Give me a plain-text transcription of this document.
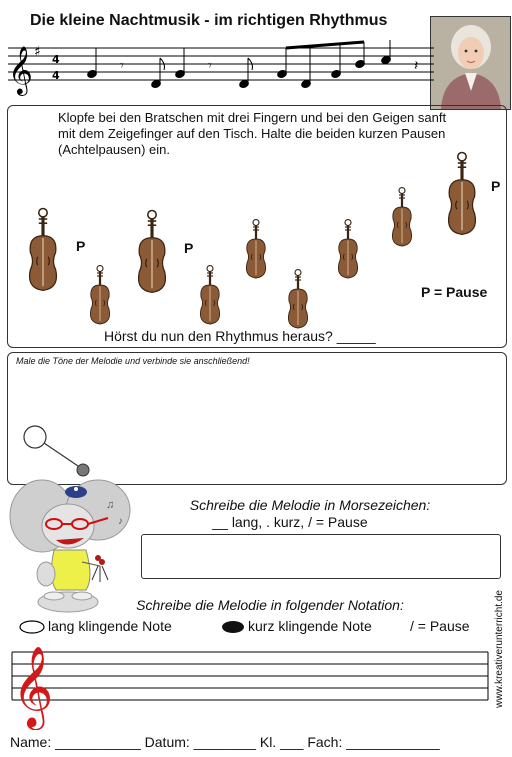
Die kleine Nachtmusik - im richtigen Rhythmus
𝄞 ♯ 4
4
𝄾	𝄾	𝄽
Klopfe bei den Bratschen mit drei Fingern und bei den Geigen sanft mit dem Zeigefinger auf den Tisch. Halte die beiden kurzen Pausen (Achtelpausen) ein.
P	P
P
P = Pause
Hörst du nun den Rhythmus heraus? _____
Male die Töne der Melodie und verbinde sie anschließend!
♫
♪
Schreibe die Melodie in Morsezeichen:
__ lang, . kurz, / = Pause
Schreibe die Melodie in folgender Notation:
lang klingende Note	kurz klingende Note	/ = Pause
𝄞
Name: ___________ Datum: ________ Kl. ___ Fach: ____________
www.kreativerunterricht.de
